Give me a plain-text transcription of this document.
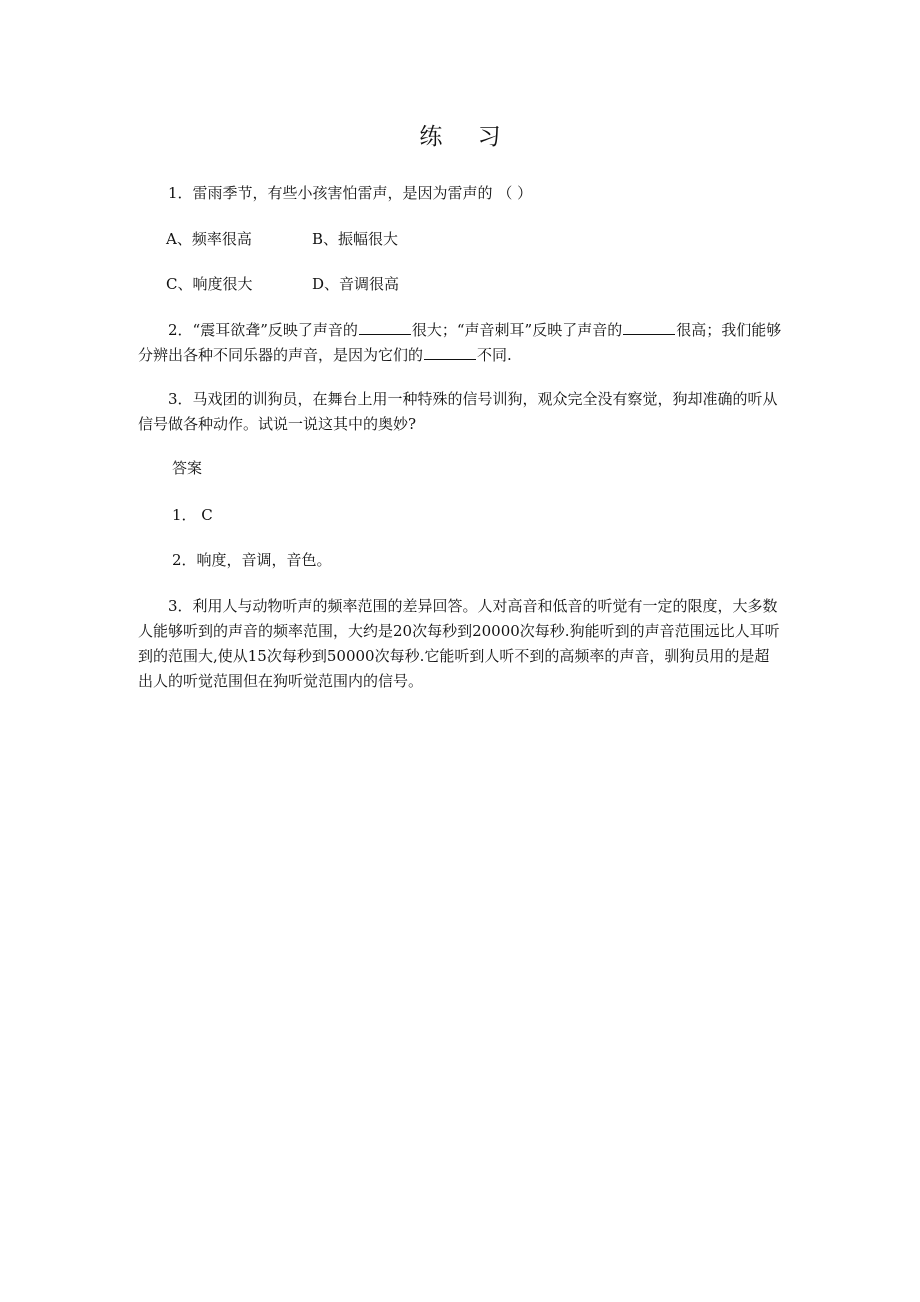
练 习

1．雷雨季节，有些小孩害怕雷声，是因为雷声的 （ ）

A、频率很高	B、振幅很大
C、响度很大	D、音调很高

2．“震耳欲聋”反映了声音的	很大；“声音刺耳”反映了声音的	很高；我们能够分辨出各种不同乐器的声音，是因为它们的	不同.

3．马戏团的训狗员，在舞台上用一种特殊的信号训狗，观众完全没有察觉，狗却准确的听从信号做各种动作。试说一说这其中的奥妙?

答案
1． C
2．响度，音调，音色。

3．利用人与动物听声的频率范围的差异回答。人对高音和低音的听觉有一定的限度，大多数人能够听到的声音的频率范围，大约是20次每秒到20000次每秒.狗能听到的声音范围远比人耳听到的范围大,使从15次每秒到50000次每秒.它能听到人听不到的高频率的声音，驯狗员用的是超出人的听觉范围但在狗听觉范围内的信号。
